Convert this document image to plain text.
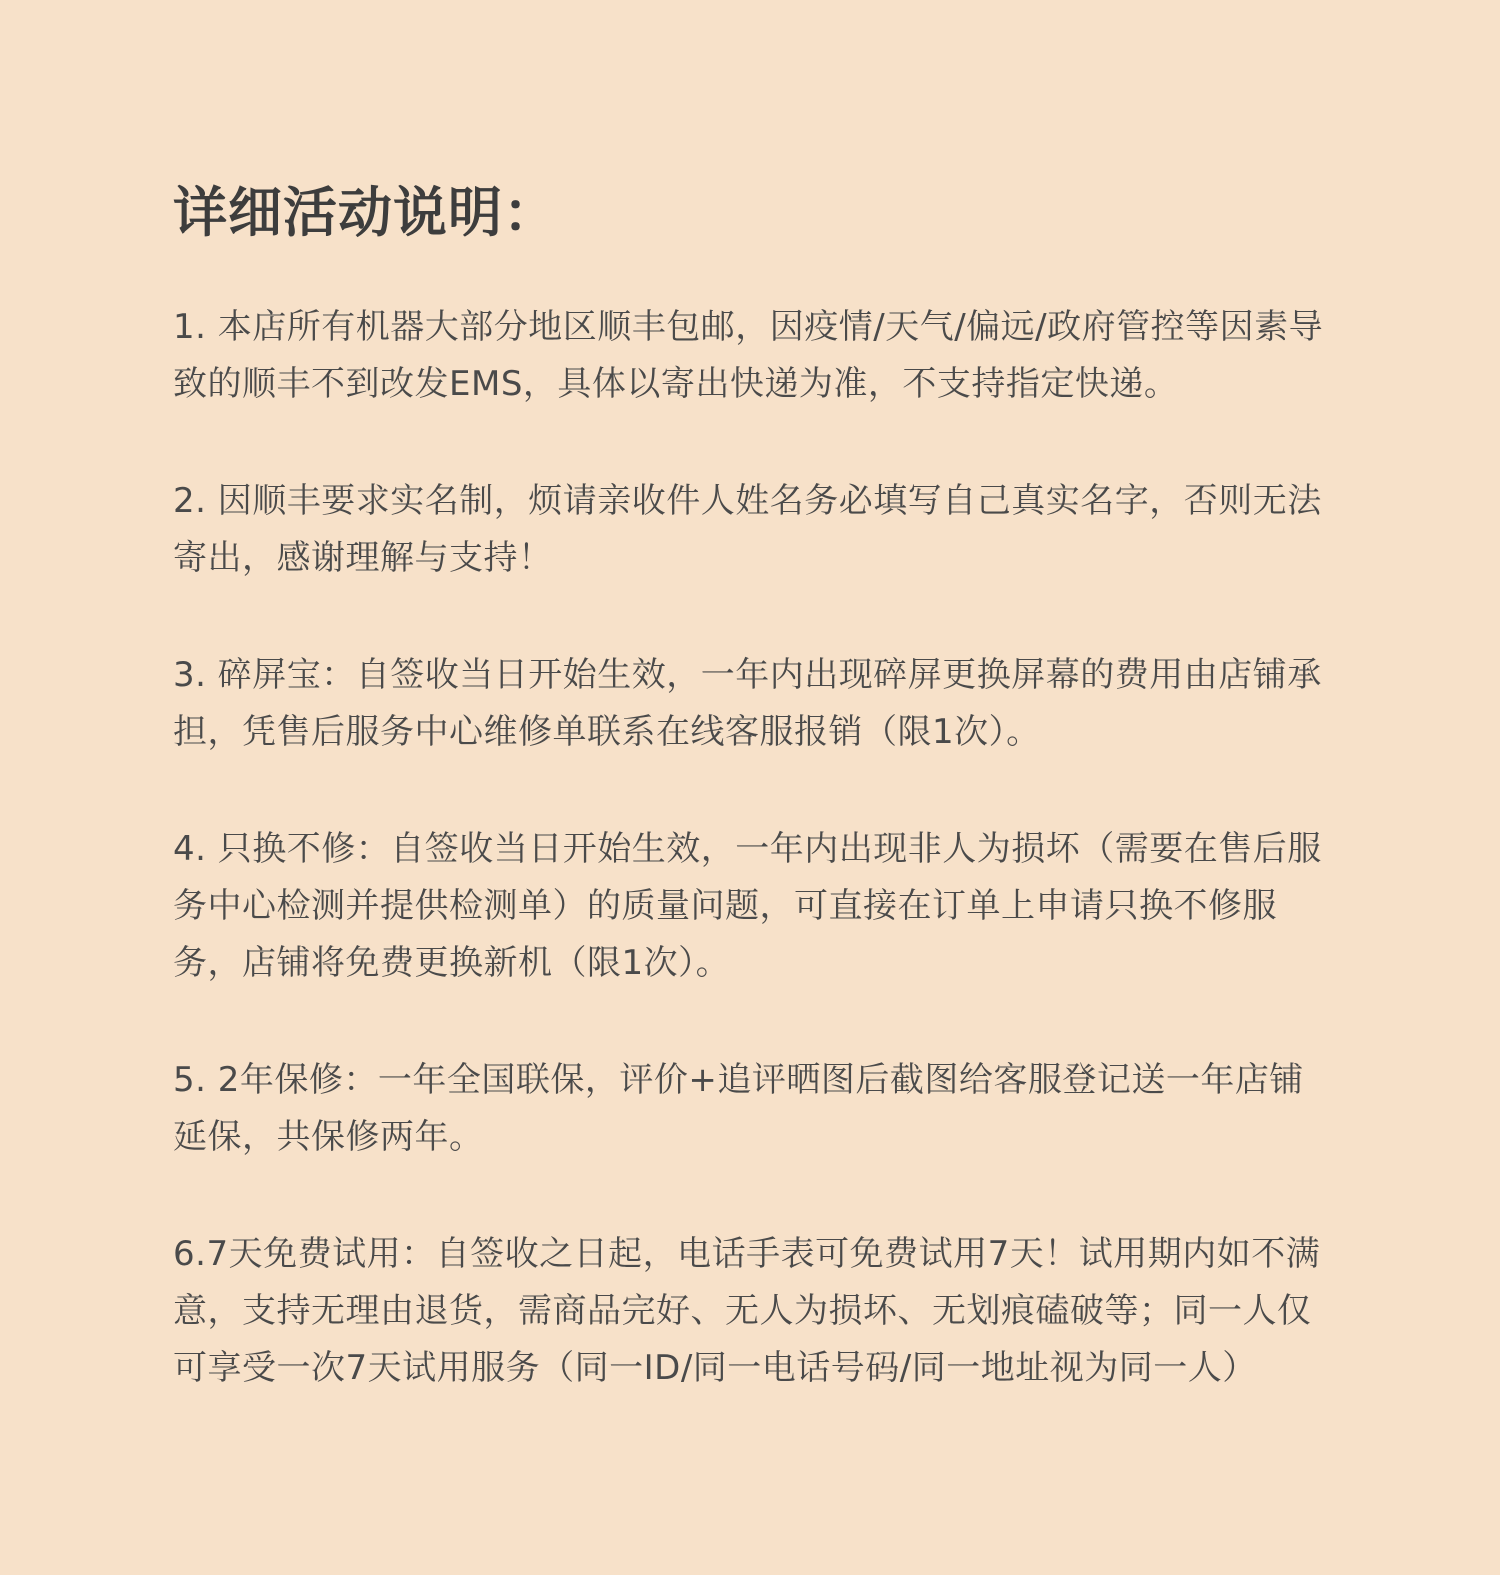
详细活动说明：

1. 本店所有机器大部分地区顺丰包邮，因疫情/天气/偏远/政府管控等因素导致的顺丰不到改发EMS，具体以寄出快递为准，不支持指定快递。

2. 因顺丰要求实名制，烦请亲收件人姓名务必填写自己真实名字，否则无法寄出，感谢理解与支持！

3. 碎屏宝：自签收当日开始生效，一年内出现碎屏更换屏幕的费用由店铺承担，凭售后服务中心维修单联系在线客服报销（限1次）。

4. 只换不修：自签收当日开始生效，一年内出现非人为损坏（需要在售后服务中心检测并提供检测单）的质量问题，可直接在订单上申请只换不修服务，店铺将免费更换新机（限1次）。

5. 2年保修：一年全国联保，评价+追评晒图后截图给客服登记送一年店铺延保，共保修两年。

6.7天免费试用：自签收之日起，电话手表可免费试用7天！试用期内如不满意，支持无理由退货，需商品完好、无人为损坏、无划痕磕破等；同一人仅可享受一次7天试用服务（同一ID/同一电话号码/同一地址视为同一人）
